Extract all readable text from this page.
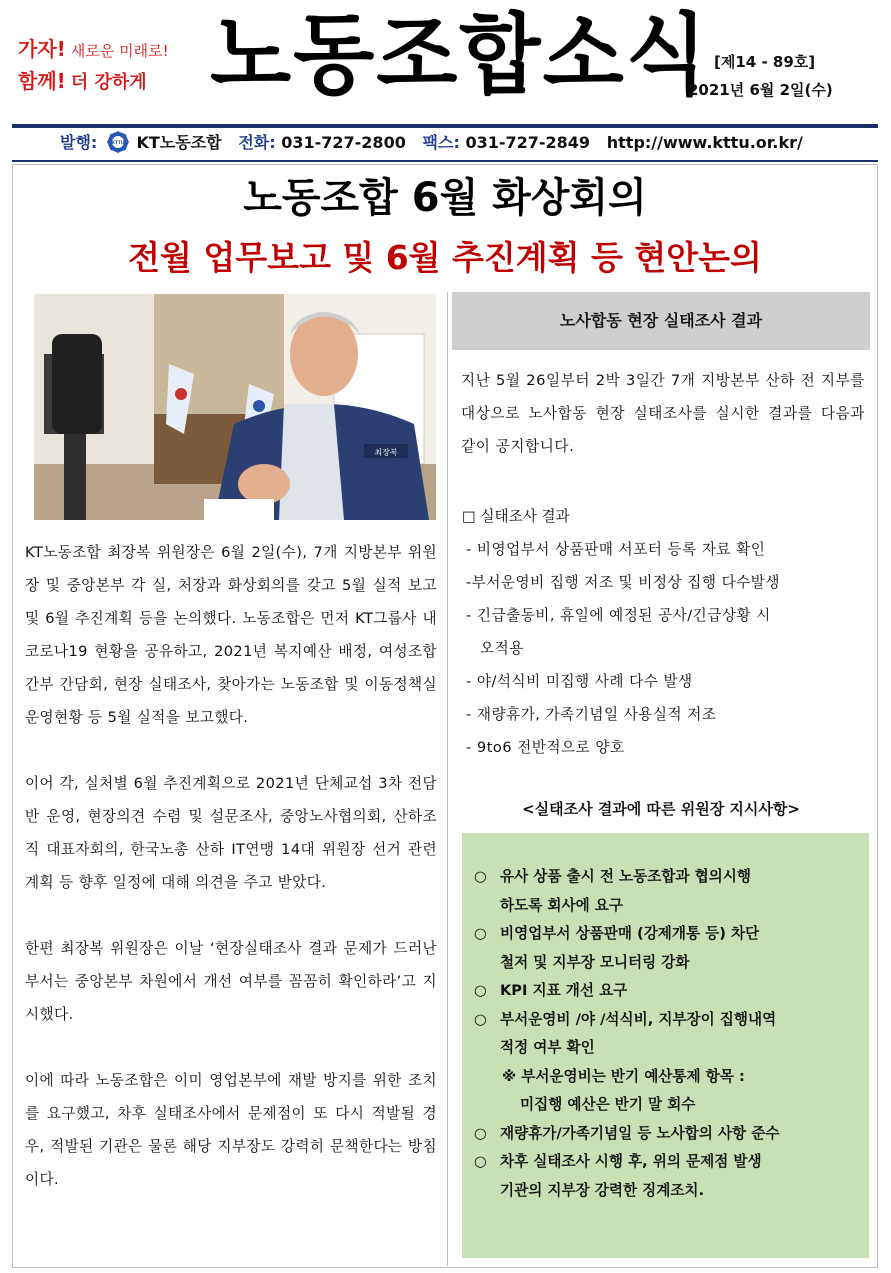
가자! 새로운 미래로!
함께! 더 강하게 노동조합소식 [제14 - 89호]
2021년 6월 2일(수)
발행:	KTTU KT노동조합 전화: 031-727-2800 팩스: 031-727-2849 http://www.kttu.or.kr/
노동조합 6월 화상회의
전월 업무보고 및 6월 추진계획 등 현안논의
최장복

KT노동조합 최장복 위원장은 6월 2일(수), 7개 지방본부 위원장 및 중앙본부 각 실, 처장과 화상회의를 갖고 5월 실적 보고 및 6월 추진계획 등을 논의했다. 노동조합은 먼저 KT그룹사 내 코로나19 현황을 공유하고, 2021년 복지예산 배정, 여성조합간부 간담회, 현장 실태조사, 찾아가는 노동조합 및 이동정책실 운영현황 등 5월 실적을 보고했다.

이어 각, 실처별 6월 추진계획으로 2021년 단체교섭 3차 전담반 운영, 현장의견 수렴 및 설문조사, 중앙노사협의회, 산하조직 대표자회의, 한국노총 산하 IT연맹 14대 위원장 선거 관련 계획 등 향후 일정에 대해 의견을 주고 받았다.

한편 최장복 위원장은 이날 ‘현장실태조사 결과 문제가 드러난 부서는 중앙본부 차원에서 개선 여부를 꼼꼼히 확인하라’고 지시했다.

이에 따라 노동조합은 이미 영업본부에 재발 방지를 위한 조치를 요구했고, 차후 실태조사에서 문제점이 또 다시 적발될 경우, 적발된 기관은 물론 해당 지부장도 강력히 문책한다는 방침이다.

노사합동 현장 실태조사 결과
지난 5월 26일부터 2박 3일간 7개 지방본부 산하 전 지부를 대상으로 노사합동 현장 실태조사를 실시한 결과를 다음과 같이 공지합니다.
□ 실태조사 결과
- 비영업부서 상품판매 서포터 등록 자료 확인
-부서운영비 집행 저조 및 비정상 집행 다수발생
- 긴급출동비, 휴일에 예정된 공사/긴급상황 시
오적용
- 야/석식비 미집행 사례 다수 발생
- 재량휴가, 가족기념일 사용실적 저조
- 9to6 전반적으로 양호
<실태조사 결과에 따른 위원장 지시사항>
○ 유사 상품 출시 전 노동조합과 협의시행
하도록 회사에 요구
○ 비영업부서 상품판매 (강제개통 등) 차단
철저 및 지부장 모니터링 강화
○ KPI 지표 개선 요구
○ 부서운영비 /야 /석식비, 지부장이 집행내역
적정 여부 확인
※ 부서운영비는 반기 예산통제 항목 :
미집행 예산은 반기 말 회수
○ 재량휴가/가족기념일 등 노사합의 사항 준수
○ 차후 실태조사 시행 후, 위의 문제점 발생
기관의 지부장 강력한 징계조치.
